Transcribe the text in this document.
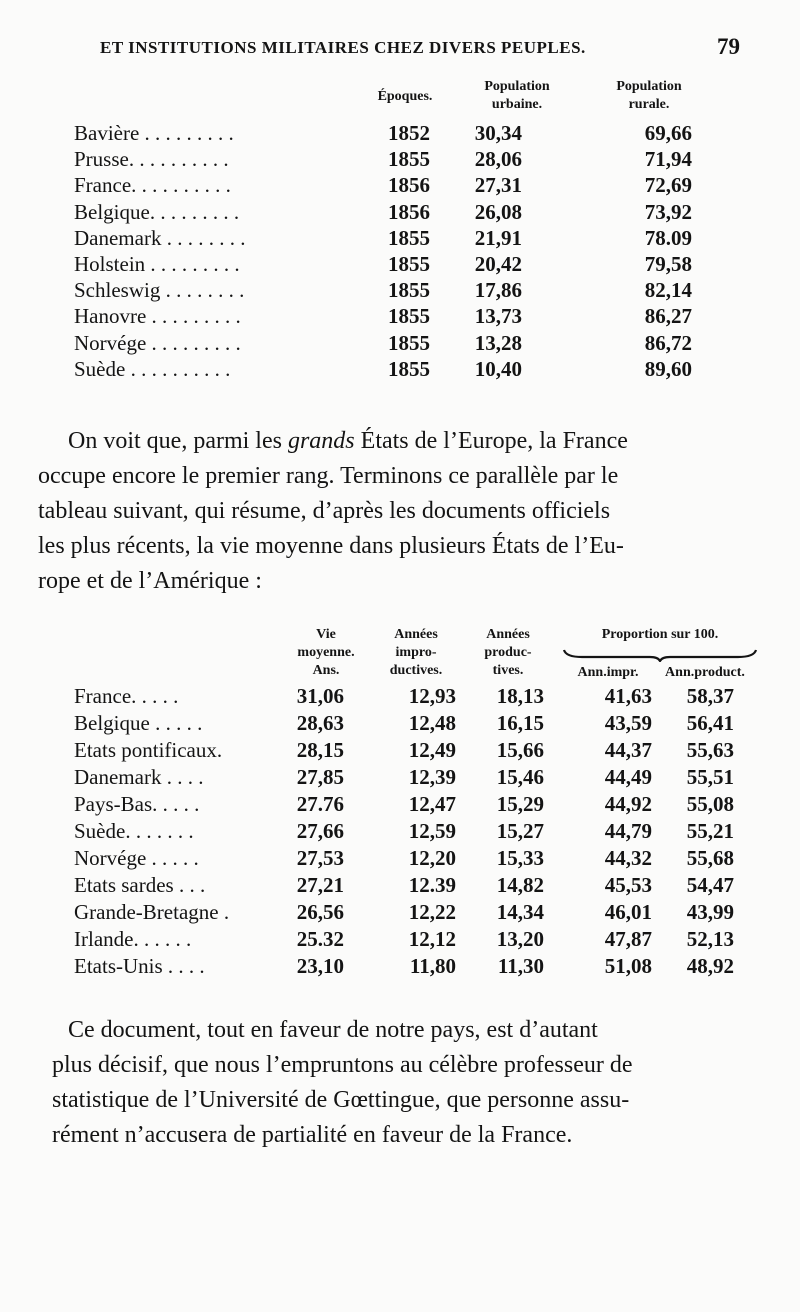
ET INSTITUTIONS MILITAIRES CHEZ DIVERS PEUPLES.	79
Époques.
Population
urbaine.
Population
rurale.
Bavière . . . . . . . . .	1852	30,34	69,66
Prusse. . . . . . . . . .	1855	28,06	71,94
France. . . . . . . . . .	1856	27,31	72,69
Belgique. . . . . . . . .	1856	26,08	73,92
Danemark . . . . . . . .	1855	21,91	78.09
Holstein . . . . . . . . .	1855	20,42	79,58
Schleswig . . . . . . . .	1855	17,86	82,14
Hanovre . . . . . . . . .	1855	13,73	86,27
Norvége . . . . . . . . .	1855	13,28	86,72
Suède . . . . . . . . . .	1855	10,40	89,60
On voit que, parmi les grands États de l’Europe, la France
occupe encore le premier rang. Terminons ce parallèle par le
tableau suivant, qui résume, d’après les documents officiels
les plus récents, la vie moyenne dans plusieurs États de l’Eu-
rope et de l’Amérique :
Vie
moyenne.
Ans.
Années
impro-
ductives.
Années
produc-
tives.
Proportion sur 100.
Ann.impr.	Ann.product.
France. . . . .	31,06	12,93	18,13	41,63	58,37
Belgique . . . . .	28,63	12,48	16,15	43,59	56,41
Etats pontificaux.	28,15	12,49	15,66	44,37	55,63
Danemark . . . .	27,85	12,39	15,46	44,49	55,51
Pays-Bas. . . . .	27.76	12,47	15,29	44,92	55,08
Suède. . . . . . .	27,66	12,59	15,27	44,79	55,21
Norvége . . . . .	27,53	12,20	15,33	44,32	55,68
Etats sardes . . .	27,21	12.39	14,82	45,53	54,47
Grande-Bretagne .	26,56	12,22	14,34	46,01	43,99
Irlande. . . . . .	25.32	12,12	13,20	47,87	52,13
Etats-Unis . . . .	23,10	11,80	11,30	51,08	48,92
Ce document, tout en faveur de notre pays, est d’autant
plus décisif, que nous l’empruntons au célèbre professeur de
statistique de l’Université de Gœttingue, que personne assu-
rément n’accusera de partialité en faveur de la France.
